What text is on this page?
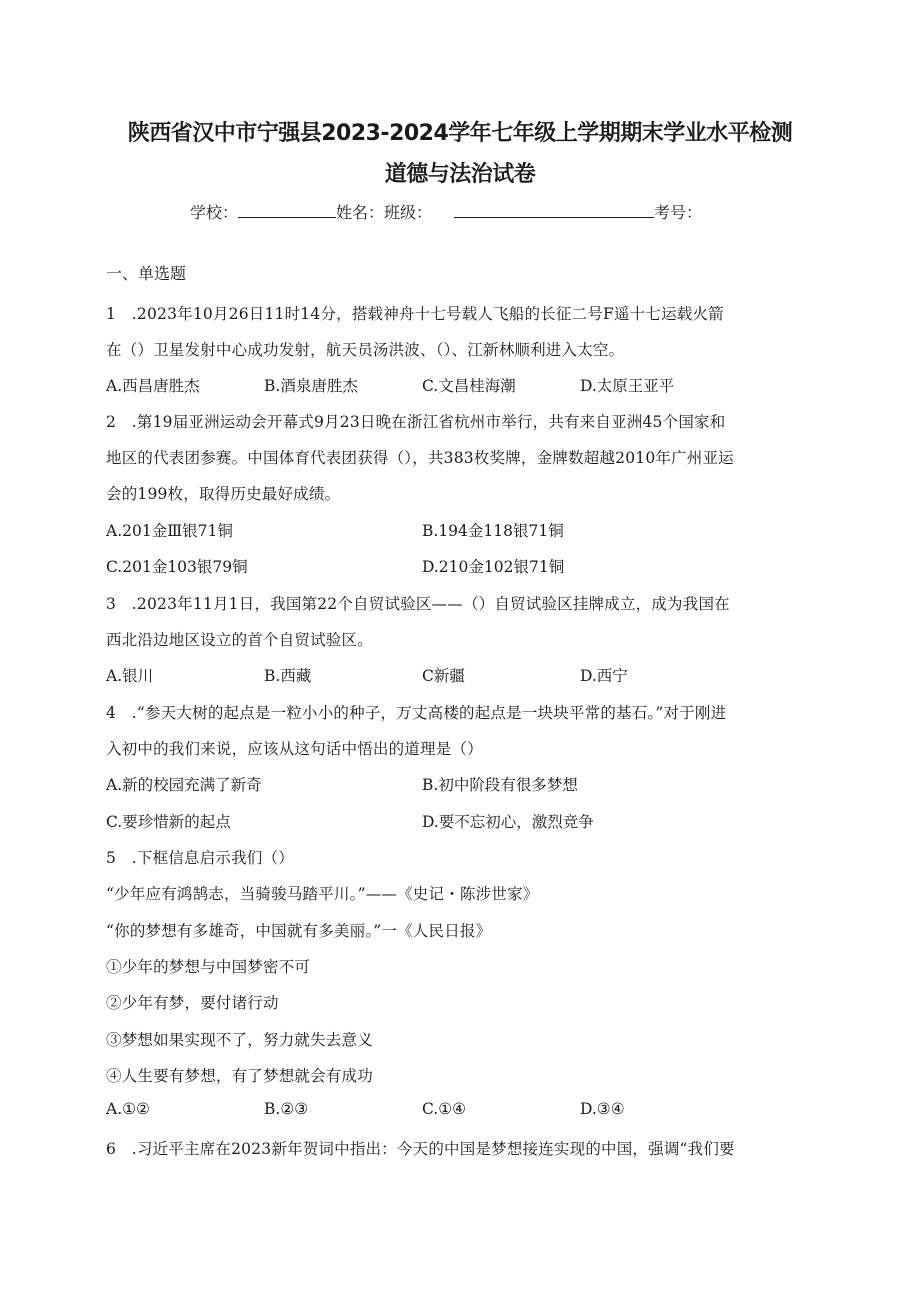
陕西省汉中市宁强县2023-2024学年七年级上学期期末学业水平检测
道德与法治试卷
学校：	姓名：班级：	考号：
一、单选题
1　.2023年10月26日11时14分，搭载神舟十七号载人飞船的长征二号F遥十七运载火箭
在（）卫星发射中心成功发射，航天员汤洪波、（）、江新林顺利进入太空。
A.西昌唐胜杰	B.酒泉唐胜杰	C.文昌桂海潮	D.太原王亚平
2　.第19届亚洲运动会开幕式9月23日晚在浙江省杭州市举行，共有来自亚洲45个国家和
地区的代表团参赛。中国体育代表团获得（），共383枚奖牌，金牌数超越2010年广州亚运
会的199枚，取得历史最好成绩。
A.201金Ⅲ银71铜	B.194金118银71铜
C.201金103银79铜	D.210金102银71铜
3　.2023年11月1日，我国第22个自贸试验区——（）自贸试验区挂牌成立，成为我国在
西北沿边地区设立的首个自贸试验区。
A.银川	B.西藏	C新疆	D.西宁
4　.“参天大树的起点是一粒小小的种子，万丈高楼的起点是一块块平常的基石。”对于刚进
入初中的我们来说，应该从这句话中悟出的道理是（）
A.新的校园充满了新奇	B.初中阶段有很多梦想
C.要珍惜新的起点	D.要不忘初心，激烈竞争
5　.下框信息启示我们（）
“少年应有鸿鹄志，当骑骏马踏平川。”——《史记・陈涉世家》
“你的梦想有多雄奇，中国就有多美丽。”一《人民日报》
①少年的梦想与中国梦密不可
②少年有梦，要付诸行动
③梦想如果实现不了，努力就失去意义
④人生要有梦想，有了梦想就会有成功
A.①②	B.②③	C.①④	D.③④
6　.习近平主席在2023新年贺词中指出：今天的中国是梦想接连实现的中国，强调“我们要
